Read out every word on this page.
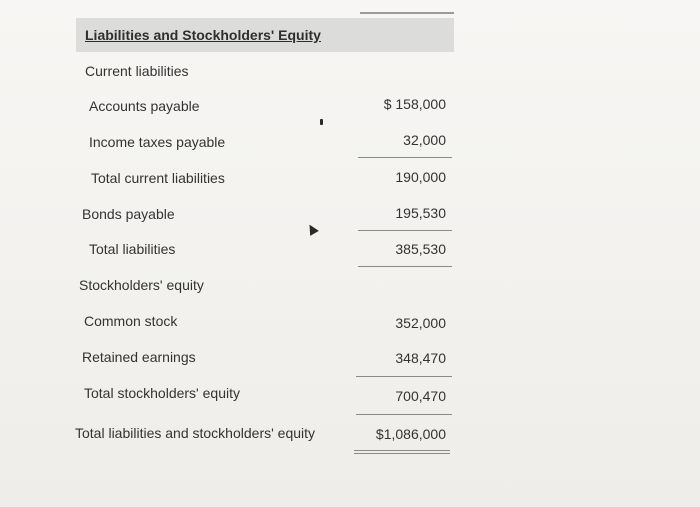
Liabilities and Stockholders' Equity
Current liabilities
Accounts payable
Income taxes payable
Total current liabilities
Bonds payable
Total liabilities
Stockholders' equity
Common stock
Retained earnings
Total stockholders' equity
Total liabilities and stockholders' equity
$ 158,000
32,000
190,000
195,530
385,530
352,000
348,470
700,470
$1,086,000
